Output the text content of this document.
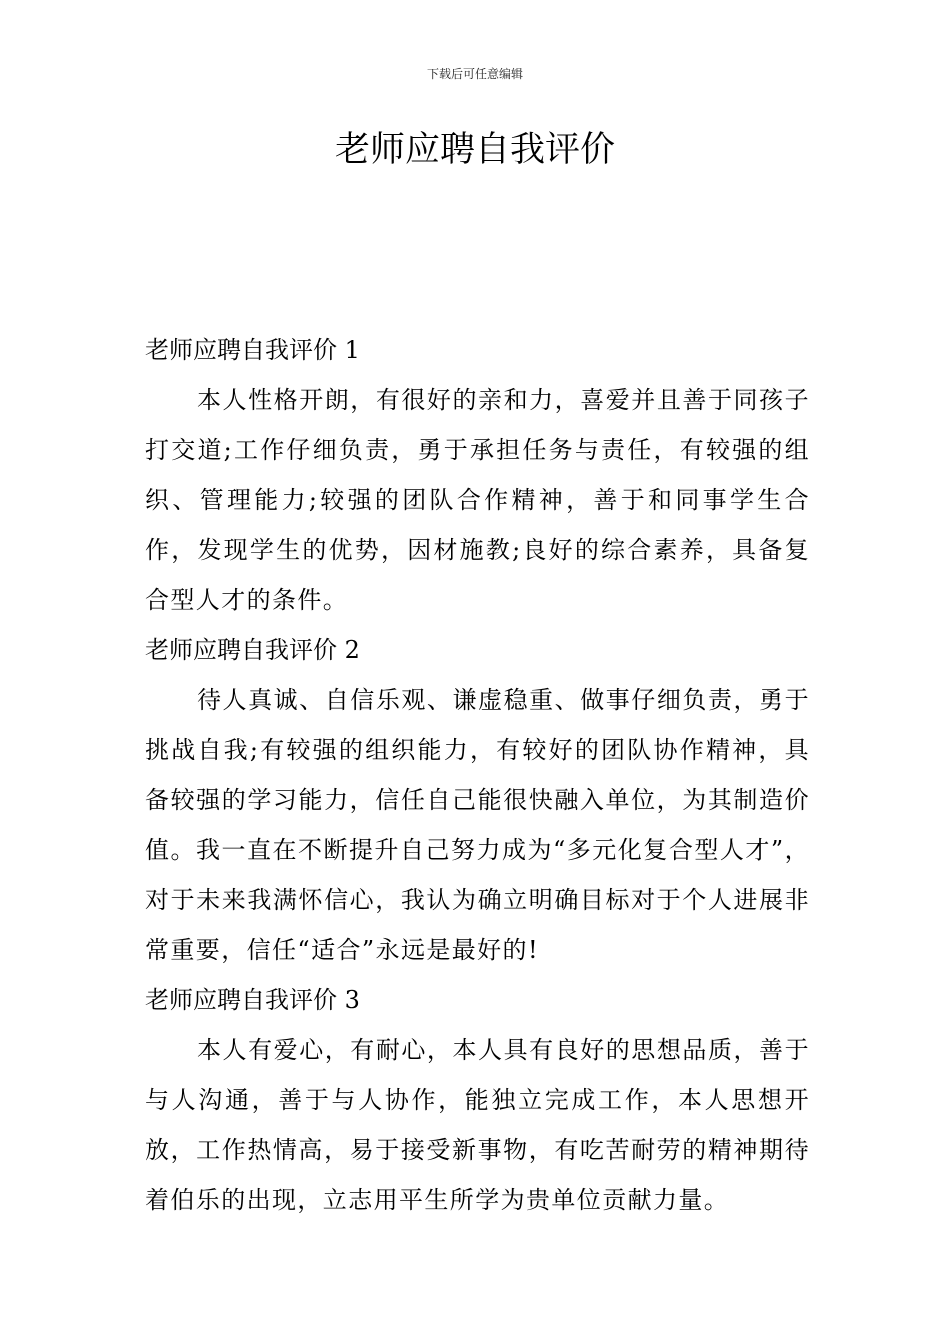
下载后可任意编辑
老师应聘自我评价

老师应聘自我评价 1

本人性格开朗，有很好的亲和力，喜爱并且善于同孩子打交道;工作仔细负责，勇于承担任务与责任，有较强的组织、管理能力;较强的团队合作精神，善于和同事学生合作，发现学生的优势，因材施教;良好的综合素养，具备复合型人才的条件。

老师应聘自我评价 2

待人真诚、自信乐观、谦虚稳重、做事仔细负责，勇于挑战自我;有较强的组织能力，有较好的团队协作精神，具备较强的学习能力，信任自己能很快融入单位，为其制造价值。我一直在不断提升自己努力成为“多元化复合型人才”，对于未来我满怀信心，我认为确立明确目标对于个人进展非常重要，信任“适合”永远是最好的!

老师应聘自我评价 3

本人有爱心，有耐心，本人具有良好的思想品质，善于与人沟通，善于与人协作，能独立完成工作，本人思想开放，工作热情高，易于接受新事物，有吃苦耐劳的精神期待着伯乐的出现，立志用平生所学为贵单位贡献力量。
